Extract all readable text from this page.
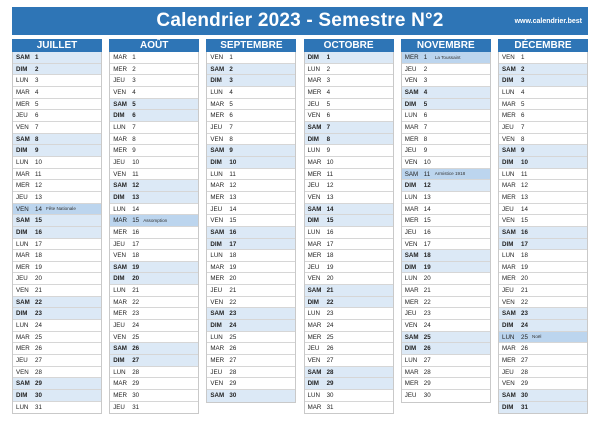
Calendrier 2023 - Semestre N°2	www.calendrier.best
JUILLET
SAM 1
DIM	2
LUN	3
MAR 4
MER 5
JEU	6
VEN	7
SAM 8
DIM	9
LUN	10
MAR 11
MER 12
JEU	13
VEN	14 Fête Nationale
SAM 15
DIM	16
LUN	17
MAR 18
MER 19
JEU	20
VEN	21
SAM 22
DIM	23
LUN	24
MAR 25
MER 26
JEU	27
VEN	28
SAM 29
DIM	30
LUN	31
AOÛT
MAR 1
MER 2
JEU	3
VEN	4
SAM 5
DIM	6
LUN	7
MAR 8
MER 9
JEU	10
VEN	11
SAM 12
DIM	13
LUN	14
MAR 15 Assomption
MER 16
JEU	17
VEN	18
SAM 19
DIM	20
LUN	21
MAR 22
MER 23
JEU	24
VEN	25
SAM 26
DIM	27
LUN	28
MAR 29
MER 30
JEU	31
SEPTEMBRE
VEN	1
SAM 2
DIM	3
LUN	4
MAR 5
MER 6
JEU	7
VEN	8
SAM 9
DIM	10
LUN	11
MAR 12
MER 13
JEU	14
VEN	15
SAM 16
DIM	17
LUN	18
MAR 19
MER 20
JEU	21
VEN	22
SAM 23
DIM	24
LUN	25
MAR 26
MER 27
JEU	28
VEN	29
SAM 30
OCTOBRE
DIM	1
LUN	2
MAR 3
MER 4
JEU	5
VEN	6
SAM 7
DIM	8
LUN	9
MAR 10
MER 11
JEU	12
VEN	13
SAM 14
DIM	15
LUN	16
MAR 17
MER 18
JEU	19
VEN	20
SAM 21
DIM	22
LUN	23
MAR 24
MER 25
JEU	26
VEN	27
SAM 28
DIM	29
LUN	30
MAR 31
NOVEMBRE
MER 1	La Toussaint
JEU	2
VEN	3
SAM 4
DIM	5
LUN	6
MAR 7
MER 8
JEU	9
VEN	10
SAM 11 Armistice 1918
DIM	12
LUN	13
MAR 14
MER 15
JEU	16
VEN	17
SAM 18
DIM	19
LUN	20
MAR 21
MER 22
JEU	23
VEN	24
SAM 25
DIM	26
LUN	27
MAR 28
MER 29
JEU	30
DÉCEMBRE
VEN	1
SAM 2
DIM	3
LUN	4
MAR 5
MER 6
JEU	7
VEN	8
SAM 9
DIM	10
LUN	11
MAR 12
MER 13
JEU	14
VEN	15
SAM 16
DIM	17
LUN	18
MAR 19
MER 20
JEU	21
VEN	22
SAM 23
DIM	24
LUN	25 Noël
MAR 26
MER 27
JEU	28
VEN	29
SAM 30
DIM	31
